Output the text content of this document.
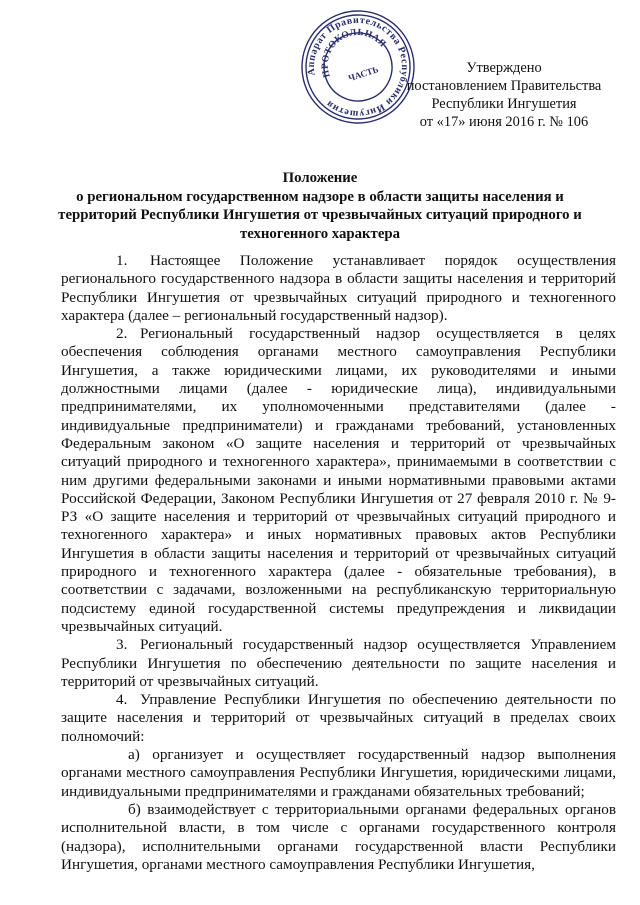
Аппарат Правительства Республики Ингушетия
ПРОТОКОЛЬНАЯ
ЧАСТЬ	Утверждено
постановлением Правительства
Республики Ингушетия
от «17» июня 2016 г. № 106
Положение
о региональном государственном надзоре в области защиты населения и
территорий Республики Ингушетия от чрезвычайных ситуаций природного и
техногенного характера

1. Настоящее Положение устанавливает порядок осуществления регионального государственного надзора в области защиты населения и территорий Республики Ингушетия от чрезвычайных ситуаций природного и техногенного характера (далее – региональный государственный надзор).

2. Региональный государственный надзор осуществляется в целях обеспечения соблюдения органами местного самоуправления Республики Ингушетия, а также юридическими лицами, их руководителями и иными должностными лицами (далее - юридические лица), индивидуальными предпринимателями, их уполномоченными представителями (далее - индивидуальные предприниматели) и гражданами требований, установленных Федеральным законом «О защите населения и территорий от чрезвычайных ситуаций природного и техногенного характера», принимаемыми в соответствии с ним другими федеральными законами и иными нормативными правовыми актами Российской Федерации, Законом Республики Ингушетия от 27 февраля 2010 г. № 9-РЗ «О защите населения и территорий от чрезвычайных ситуаций природного и техногенного характера» и иных нормативных правовых актов Республики Ингушетия в области защиты населения и территорий от чрезвычайных ситуаций природного и техногенного характера (далее - обязательные требования), в соответствии с задачами, возложенными на республиканскую территориальную подсистему единой государственной системы предупреждения и ликвидации чрезвычайных ситуаций.

3. Региональный государственный надзор осуществляется Управлением Республики Ингушетия по обеспечению деятельности по защите населения и территорий от чрезвычайных ситуаций.

4. Управление Республики Ингушетия по обеспечению деятельности по защите населения и территорий от чрезвычайных ситуаций в пределах своих полномочий:

а) организует и осуществляет государственный надзор выполнения органами местного самоуправления Республики Ингушетия, юридическими лицами, индивидуальными предпринимателями и гражданами обязательных требований;

б) взаимодействует с территориальными органами федеральных органов исполнительной власти, в том числе с органами государственного контроля (надзора), исполнительными органами государственной власти Республики Ингушетия, органами местного самоуправления Республики Ингушетия,
